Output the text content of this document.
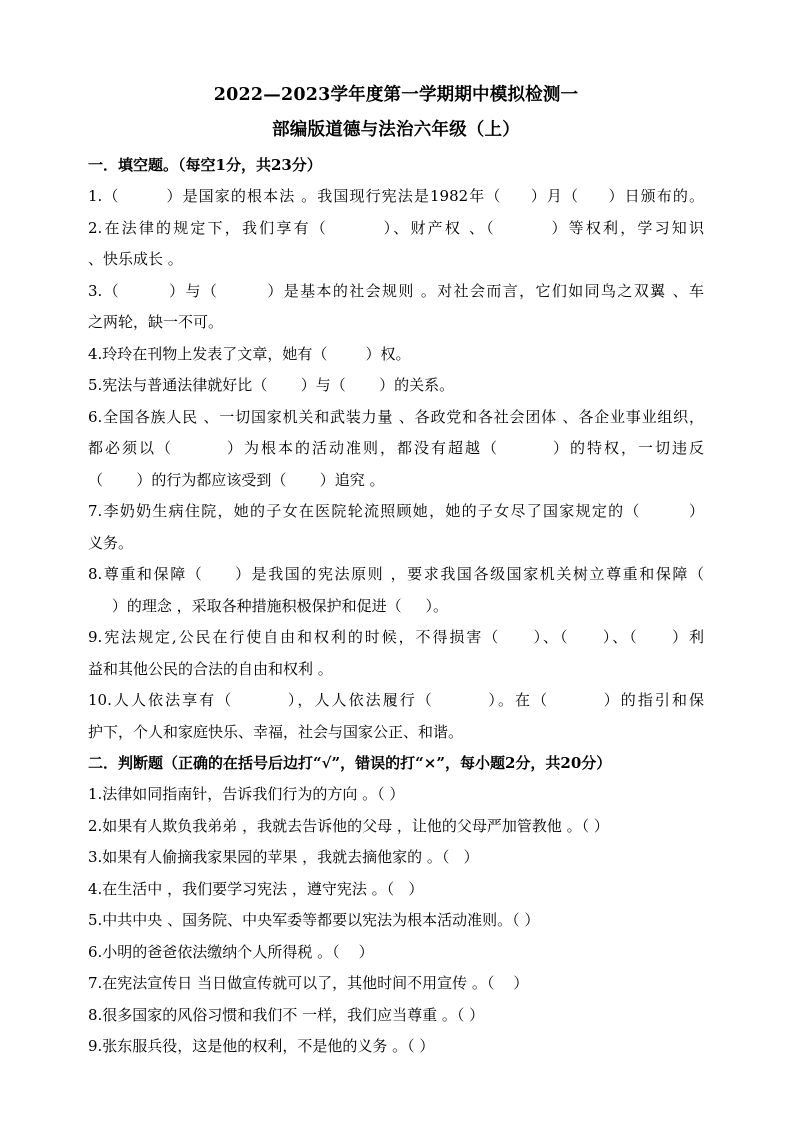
2022—2023学年度第一学期期中模拟检测一
部编版道德与法治六年级（上）
一．填空题。（每空1分，共23分）
1.（        ）是国家的根本法 。我国现行宪法是1982年（     ）月（     ）日颁布的。
2.在法律的规定下，我们享有（        ）、财产权 、（        ）等权利，学习知识
、快乐成长 。
3.（        ）与（        ）是基本的社会规则 。对社会而言，它们如同鸟之双翼 、车
之两轮，缺一不可。
4.玲玲在刊物上发表了文章，她有（        ）权。
5.宪法与普通法律就好比（       ）与（       ）的关系。
6.全国各族人民 、一切国家机关和武装力量 、各政党和各社会团体 、各企业事业组织，
都必须以（        ）为根本的活动准则，都没有超越（        ）的特权，一切违反
（       ）的行为都应该受到（       ）追究 。
7.李奶奶生病住院，她的子女在医院轮流照顾她，她的子女尽了国家规定的（        ）
义务。
8.尊重和保障（     ）是我国的宪法原则 ，要求我国各级国家机关树立尊重和保障（
）的理念 ，采取各种措施积极保护和促进（     ）。
9.宪法规定,公民在行使自由和权利的时候，不得损害（     ）、（     ）、（     ）利
益和其他公民的合法的自由和权利 。
10.人人依法享有（        ），人人依法履行（        ）。在（        ）的指引和保
护下，个人和家庭快乐、幸福，社会与国家公正、和谐。
二．判断题（正确的在括号后边打“√”，错误的打“×”，每小题2分，共20分）
1.法律如同指南针，告诉我们行为的方向 。（ ）
2.如果有人欺负我弟弟 ，我就去告诉他的父母 ，让他的父母严加管教他 。（ ）
3.如果有人偷摘我家果园的苹果 ，我就去摘他家的 。（   ）
4.在生活中 ，我们要学习宪法 ，遵守宪法 。（   ）
5.中共中央 、国务院、中央军委等都要以宪法为根本活动准则。（ ）
6.小明的爸爸依法缴纳个人所得税 。（    ）
7.在宪法宣传日 当日做宣传就可以了，其他时间不用宣传 。（    ）
8.很多国家的风俗习惯和我们不 一样，我们应当尊重 。（ ）
9.张东服兵役，这是他的权利，不是他的义务 。（ ）
